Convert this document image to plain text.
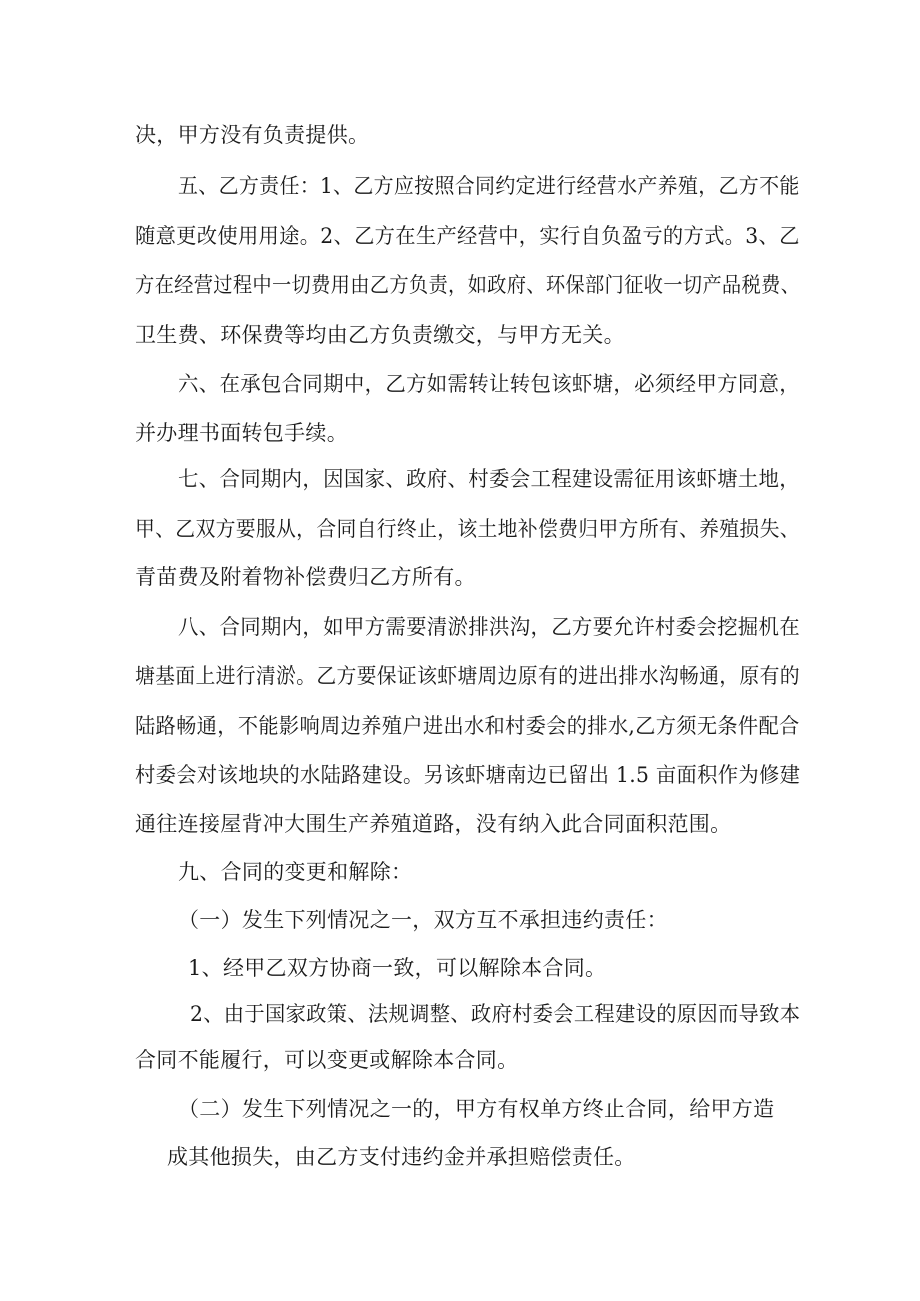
决，甲方没有负责提供。
五、乙方责任：1、乙方应按照合同约定进行经营水产养殖，乙方不能
随意更改使用用途。2、乙方在生产经营中，实行自负盈亏的方式。3、乙
方在经营过程中一切费用由乙方负责，如政府、环保部门征收一切产品税费、
卫生费、环保费等均由乙方负责缴交，与甲方无关。
六、在承包合同期中，乙方如需转让转包该虾塘，必须经甲方同意，
并办理书面转包手续。
七、合同期内，因国家、政府、村委会工程建设需征用该虾塘土地，
甲、乙双方要服从，合同自行终止，该土地补偿费归甲方所有、养殖损失、
青苗费及附着物补偿费归乙方所有。
八、合同期内，如甲方需要清淤排洪沟，乙方要允许村委会挖掘机在
塘基面上进行清淤。乙方要保证该虾塘周边原有的进出排水沟畅通，原有的
陆路畅通，不能影响周边养殖户进出水和村委会的排水,乙方须无条件配合
村委会对该地块的水陆路建设。另该虾塘南边已留出 1.5 亩面积作为修建
通往连接屋背冲大围生产养殖道路，没有纳入此合同面积范围。
九、合同的变更和解除：
（一）发生下列情况之一，双方互不承担违约责任：
1、经甲乙双方协商一致，可以解除本合同。
2、由于国家政策、法规调整、政府村委会工程建设的原因而导致本
合同不能履行，可以变更或解除本合同。
（二）发生下列情况之一的，甲方有权单方终止合同，给甲方造
成其他损失，由乙方支付违约金并承担赔偿责任。
